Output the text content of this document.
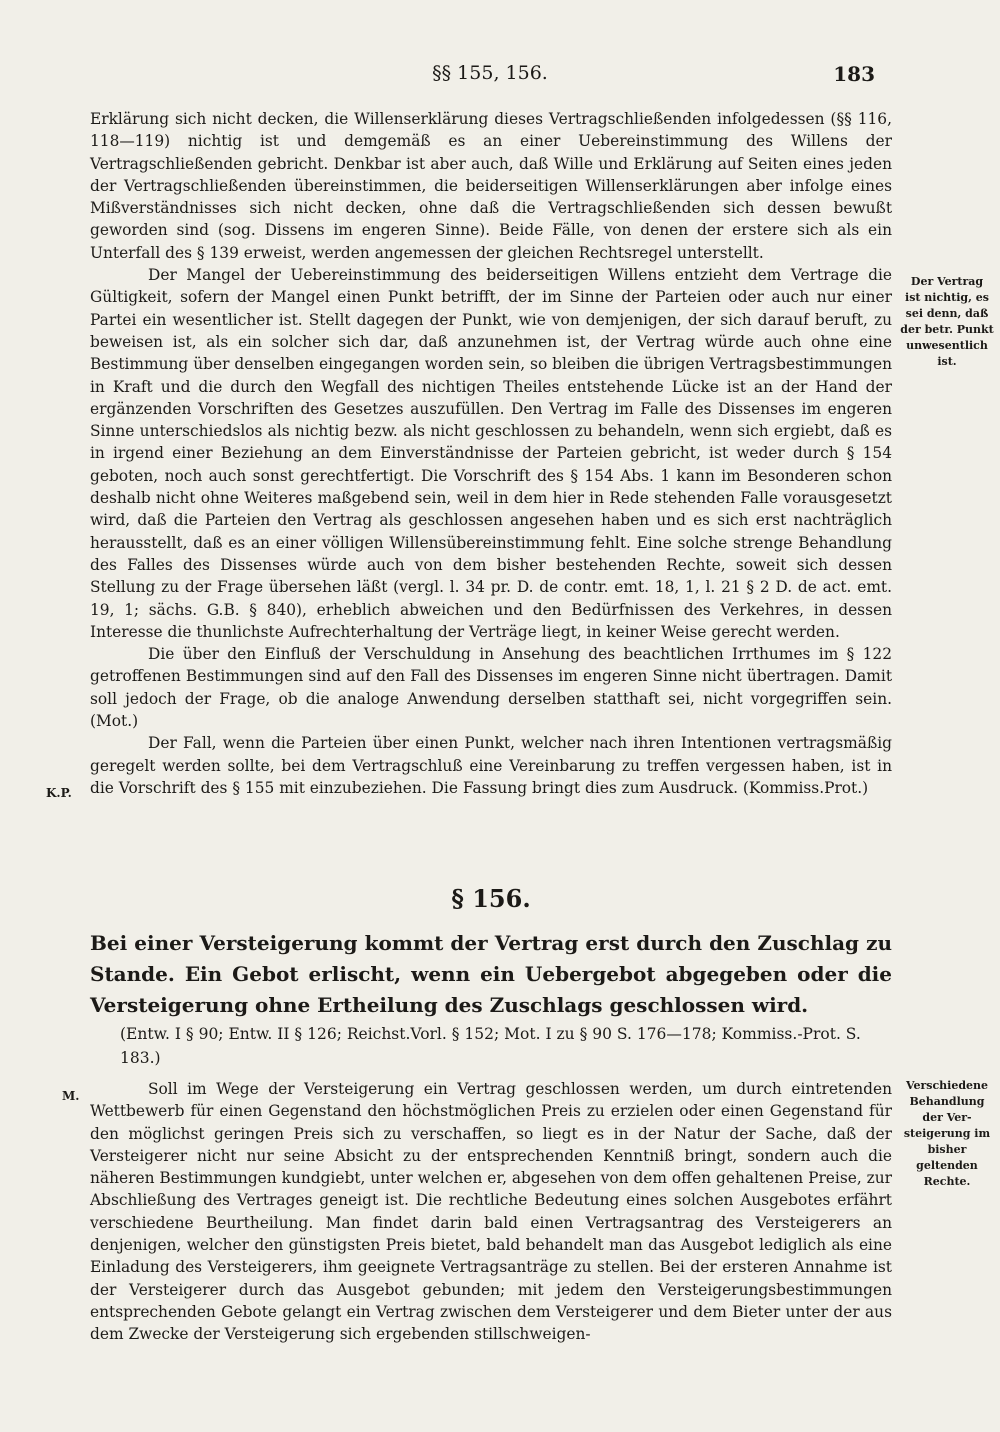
§§ 155, 156.	183

Erklärung sich nicht decken, die Willenserklärung dieses Vertragschließenden infolgedessen (§§ 116, 118—119) nichtig ist und demgemäß es an einer Uebereinstimmung des Willens der Vertragschließenden gebricht. Denkbar ist aber auch, daß Wille und Erklärung auf Seiten eines jeden der Vertragschließenden übereinstimmen, die beiderseitigen Willenserklärungen aber infolge eines Mißverständnisses sich nicht decken, ohne daß die Vertragschließenden sich dessen bewußt geworden sind (sog. Dissens im engeren Sinne). Beide Fälle, von denen der erstere sich als ein Unterfall des § 139 erweist, werden angemessen der gleichen Rechtsregel unterstellt.

Der Mangel der Uebereinstimmung des beiderseitigen Willens entzieht dem Vertrage die Gültigkeit, sofern der Mangel einen Punkt betrifft, der im Sinne der Parteien oder auch nur einer Partei ein wesentlicher ist. Stellt dagegen der Punkt, wie von demjenigen, der sich darauf beruft, zu beweisen ist, als ein solcher sich dar, daß anzunehmen ist, der Vertrag würde auch ohne eine Bestimmung über denselben eingegangen worden sein, so bleiben die übrigen Vertragsbestimmungen in Kraft und die durch den Wegfall des nichtigen Theiles entstehende Lücke ist an der Hand der ergänzenden Vorschriften des Gesetzes auszufüllen. Den Vertrag im Falle des Dissenses im engeren Sinne unterschiedslos als nichtig bezw. als nicht geschlossen zu behandeln, wenn sich ergiebt, daß es in irgend einer Beziehung an dem Einverständnisse der Parteien gebricht, ist weder durch § 154 geboten, noch auch sonst gerechtfertigt. Die Vorschrift des § 154 Abs. 1 kann im Besonderen schon deshalb nicht ohne Weiteres maßgebend sein, weil in dem hier in Rede stehenden Falle vorausgesetzt wird, daß die Parteien den Vertrag als geschlossen angesehen haben und es sich erst nachträglich herausstellt, daß es an einer völligen Willensübereinstimmung fehlt. Eine solche strenge Behandlung des Falles des Dissenses würde auch von dem bisher bestehenden Rechte, soweit sich dessen Stellung zu der Frage übersehen läßt (vergl. l. 34 pr. D. de contr. emt. 18, 1, l. 21 § 2 D. de act. emt. 19, 1; sächs. G.B. § 840), erheblich abweichen und den Bedürfnissen des Verkehres, in dessen Interesse die thunlichste Aufrechterhaltung der Verträge liegt, in keiner Weise gerecht werden.

Die über den Einfluß der Verschuldung in Ansehung des beachtlichen Irrthumes im § 122 getroffenen Bestimmungen sind auf den Fall des Dissenses im engeren Sinne nicht übertragen. Damit soll jedoch der Frage, ob die analoge Anwendung derselben statthaft sei, nicht vorgegriffen sein. (Mot.)

Der Fall, wenn die Parteien über einen Punkt, welcher nach ihren Intentionen vertragsmäßig geregelt werden sollte, bei dem Vertragschluß eine Vereinbarung zu treffen vergessen haben, ist in die Vorschrift des § 155 mit einzubeziehen. Die Fassung bringt dies zum Ausdruck. (Kommiss.Prot.)

K.P.
Der Vertrag
ist nichtig, es
sei denn, daß
der betr. Punkt
unwesentlich ist.
§ 156.
Bei einer Versteigerung kommt der Vertrag erst durch den Zuschlag zu Stande. Ein Gebot erlischt, wenn ein Uebergebot abgegeben oder die Versteigerung ohne Ertheilung des Zuschlags geschlossen wird.
(Entw. I § 90; Entw. II § 126; Reichst.Vorl. § 152; Mot. I zu § 90 S. 176—178; Kommiss.-Prot. S. 183.)
M.	Soll im Wege der Versteigerung ein Vertrag geschlossen werden, um durch eintretenden Wettbewerb für einen Gegenstand den höchstmöglichen Preis zu erzielen oder einen Gegenstand für den möglichst geringen Preis sich zu verschaffen, so liegt es in der Natur der Sache, daß der Versteigerer nicht nur seine Absicht zu der entsprechenden Kenntniß bringt, sondern auch die näheren Bestimmungen kundgiebt, unter welchen er, abgesehen von dem offen gehaltenen Preise, zur Abschließung des Vertrages geneigt ist. Die rechtliche Bedeutung eines solchen Ausgebotes erfährt verschiedene Beurtheilung. Man findet darin bald einen Vertragsantrag des Versteigerers an denjenigen, welcher den günstigsten Preis bietet, bald behandelt man das Ausgebot lediglich als eine Einladung des Versteigerers, ihm geeignete Vertragsanträge zu stellen. Bei der ersteren Annahme ist der Versteigerer durch das Ausgebot gebunden; mit jedem den Versteigerungsbestimmungen entsprechenden Gebote gelangt ein Vertrag zwischen dem Versteigerer und dem Bieter unter der aus dem Zwecke der Versteigerung sich ergebenden stillschweigen-

Verschiedene
Behandlung
der Ver-
steigerung im
bisher
geltenden
Rechte.
